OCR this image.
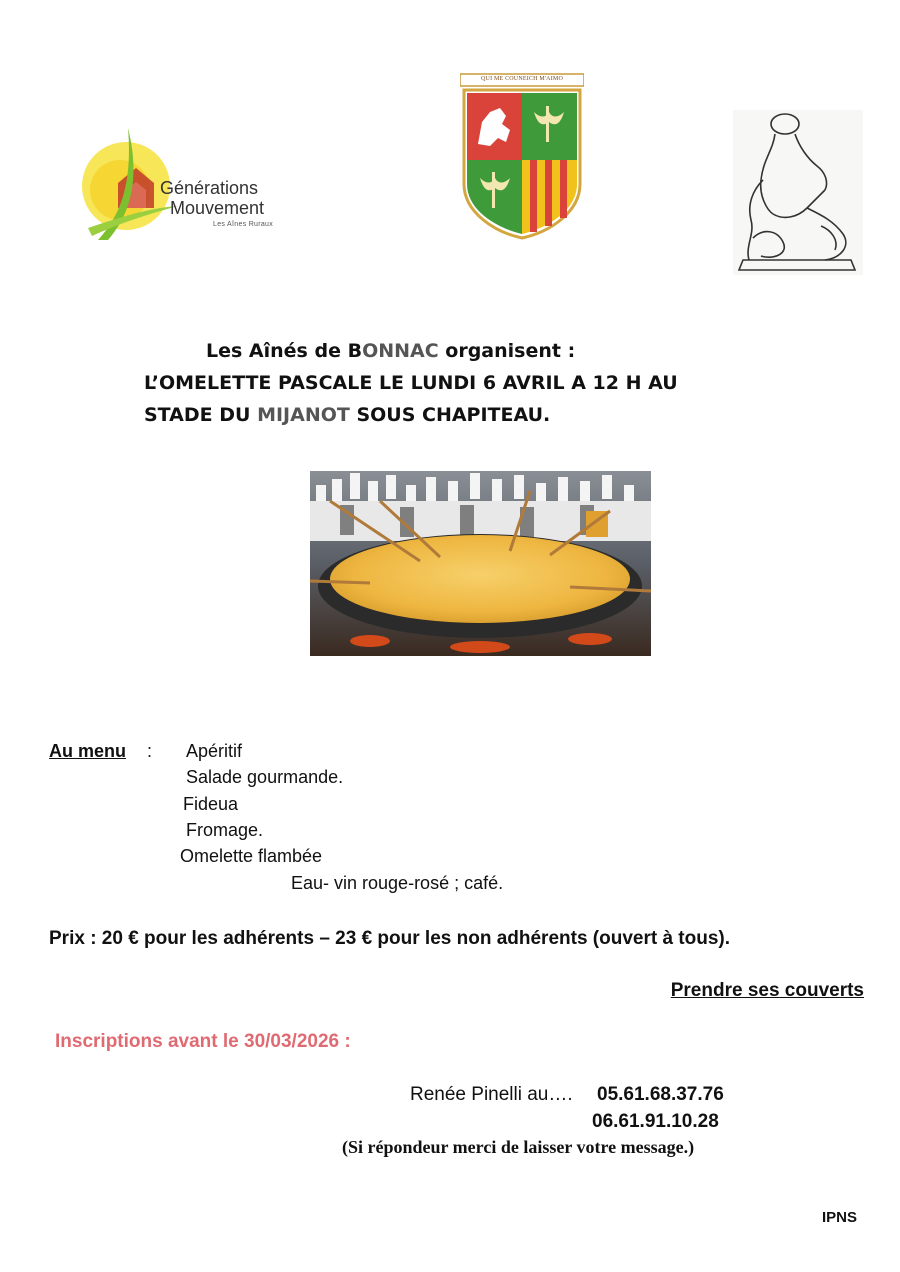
Générations
Mouvement
Les Aînes Ruraux
QUI ME COUNEICH M'AIMO
Les Aînés de BONNAC organisent :
L’OMELETTE PASCALE LE LUNDI 6 AVRIL A 12 H AU
STADE DU MIJANOT SOUS CHAPITEAU.
Au menu : Apéritif
Salade gourmande.
Fideua
Fromage.
Omelette flambée
Eau- vin rouge-rosé ; café.
Prix : 20 € pour les adhérents – 23 € pour les non adhérents (ouvert à tous).
Prendre ses couverts
Inscriptions avant le 30/03/2026 :
Renée Pinelli au…. 05.61.68.37.76
06.61.91.10.28
(Si répondeur merci de laisser votre message.)
IPNS
